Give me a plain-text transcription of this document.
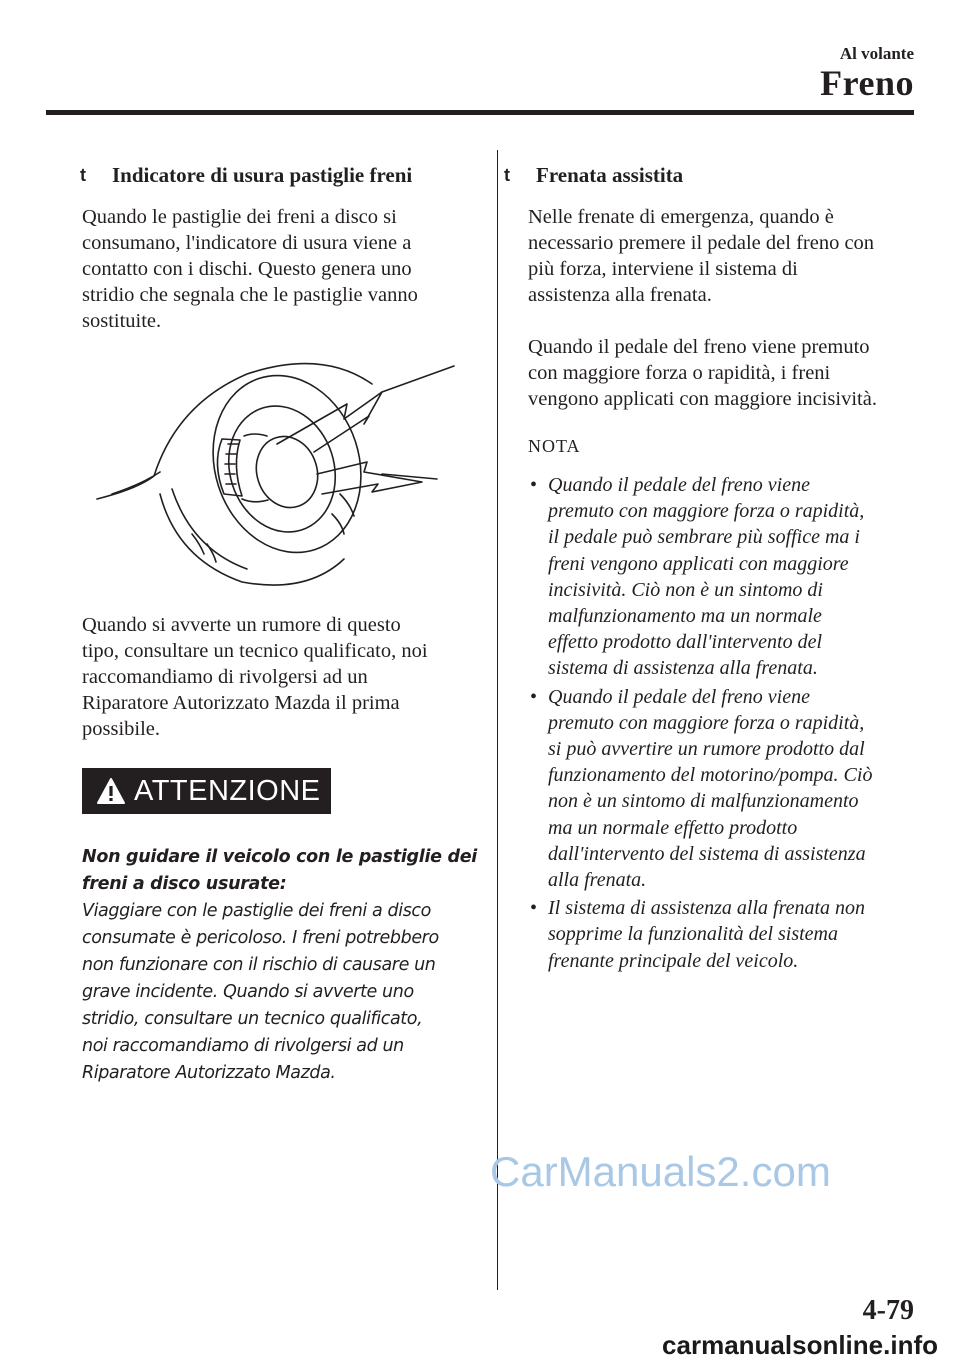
Al volante
Freno
t Indicatore di usura pastiglie freni
Quando le pastiglie dei freni a disco si
consumano, l'indicatore di usura viene a
contatto con i dischi. Questo genera uno
stridio che segnala che le pastiglie vanno
sostituite.
Quando si avverte un rumore di questo
tipo, consultare un tecnico qualificato, noi
raccomandiamo di rivolgersi ad un
Riparatore Autorizzato Mazda il prima
possibile.
ATTENZIONE
Non guidare il veicolo con le pastiglie dei
freni a disco usurate:
Viaggiare con le pastiglie dei freni a disco
consumate è pericoloso. I freni potrebbero
non funzionare con il rischio di causare un
grave incidente. Quando si avverte uno
stridio, consultare un tecnico qualificato,
noi raccomandiamo di rivolgersi ad un
Riparatore Autorizzato Mazda.
t Frenata assistita
Nelle frenate di emergenza, quando è
necessario premere il pedale del freno con
più forza, interviene il sistema di
assistenza alla frenata.
Quando il pedale del freno viene premuto
con maggiore forza o rapidità, i freni
vengono applicati con maggiore incisività.
NOTA
• Quando il pedale del freno viene
premuto con maggiore forza o rapidità,
il pedale può sembrare più soffice ma i
freni vengono applicati con maggiore
incisività. Ciò non è un sintomo di
malfunzionamento ma un normale
effetto prodotto dall'intervento del
sistema di assistenza alla frenata.
• Quando il pedale del freno viene
premuto con maggiore forza o rapidità,
si può avvertire un rumore prodotto dal
funzionamento del motorino/pompa. Ciò
non è un sintomo di malfunzionamento
ma un normale effetto prodotto
dall'intervento del sistema di assistenza
alla frenata.
• Il sistema di assistenza alla frenata non
sopprime la funzionalità del sistema
frenante principale del veicolo.
CarManuals2.com
4-79
carmanualsonline.info
